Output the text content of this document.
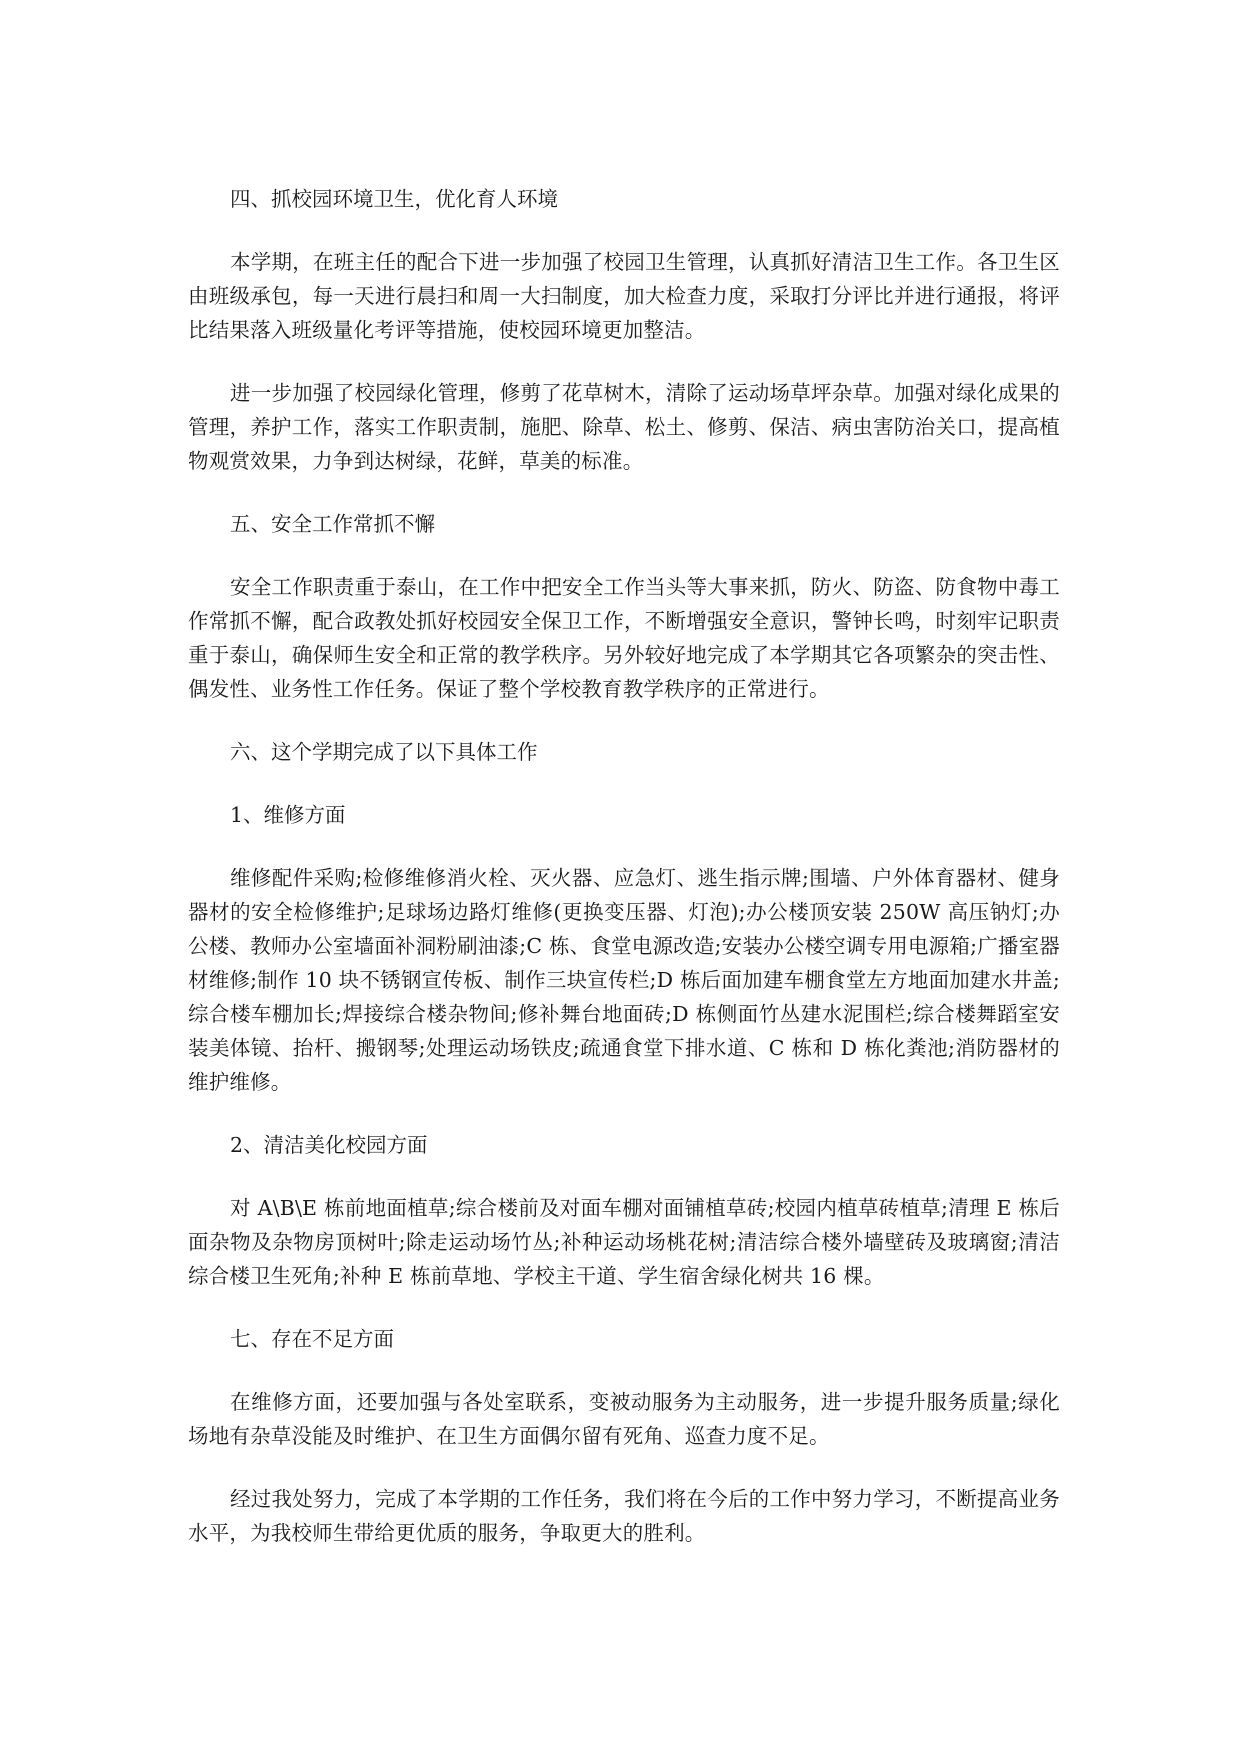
四、抓校园环境卫生，优化育人环境

本学期，在班主任的配合下进一步加强了校园卫生管理，认真抓好清洁卫生工作。各卫生区由班级承包，每一天进行晨扫和周一大扫制度，加大检查力度，采取打分评比并进行通报，将评比结果落入班级量化考评等措施，使校园环境更加整洁。

进一步加强了校园绿化管理，修剪了花草树木，清除了运动场草坪杂草。加强对绿化成果的管理，养护工作，落实工作职责制，施肥、除草、松土、修剪、保洁、病虫害防治关口，提高植物观赏效果，力争到达树绿，花鲜，草美的标准。

五、安全工作常抓不懈

安全工作职责重于泰山，在工作中把安全工作当头等大事来抓，防火、防盗、防食物中毒工作常抓不懈，配合政教处抓好校园安全保卫工作，不断增强安全意识，警钟长鸣，时刻牢记职责重于泰山，确保师生安全和正常的教学秩序。另外较好地完成了本学期其它各项繁杂的突击性、偶发性、业务性工作任务。保证了整个学校教育教学秩序的正常进行。

六、这个学期完成了以下具体工作

1、维修方面

维修配件采购;检修维修消火栓、灭火器、应急灯、逃生指示牌;围墙、户外体育器材、健身器材的安全检修维护;足球场边路灯维修(更换变压器、灯泡);办公楼顶安装 250W 高压钠灯;办公楼、教师办公室墙面补洞粉刷油漆;C 栋、食堂电源改造;安装办公楼空调专用电源箱;广播室器材维修;制作 10 块不锈钢宣传板、制作三块宣传栏;D 栋后面加建车棚食堂左方地面加建水井盖;综合楼车棚加长;焊接综合楼杂物间;修补舞台地面砖;D 栋侧面竹丛建水泥围栏;综合楼舞蹈室安装美体镜、抬杆、搬钢琴;处理运动场铁皮;疏通食堂下排水道、C 栋和 D 栋化粪池;消防器材的维护维修。

2、清洁美化校园方面

对 A\B\E 栋前地面植草;综合楼前及对面车棚对面铺植草砖;校园内植草砖植草;清理 E 栋后面杂物及杂物房顶树叶;除走运动场竹丛;补种运动场桃花树;清洁综合楼外墙壁砖及玻璃窗;清洁综合楼卫生死角;补种 E 栋前草地、学校主干道、学生宿舍绿化树共 16 棵。

七、存在不足方面

在维修方面，还要加强与各处室联系，变被动服务为主动服务，进一步提升服务质量;绿化场地有杂草没能及时维护、在卫生方面偶尔留有死角、巡查力度不足。

经过我处努力，完成了本学期的工作任务，我们将在今后的工作中努力学习，不断提高业务水平，为我校师生带给更优质的服务，争取更大的胜利。
